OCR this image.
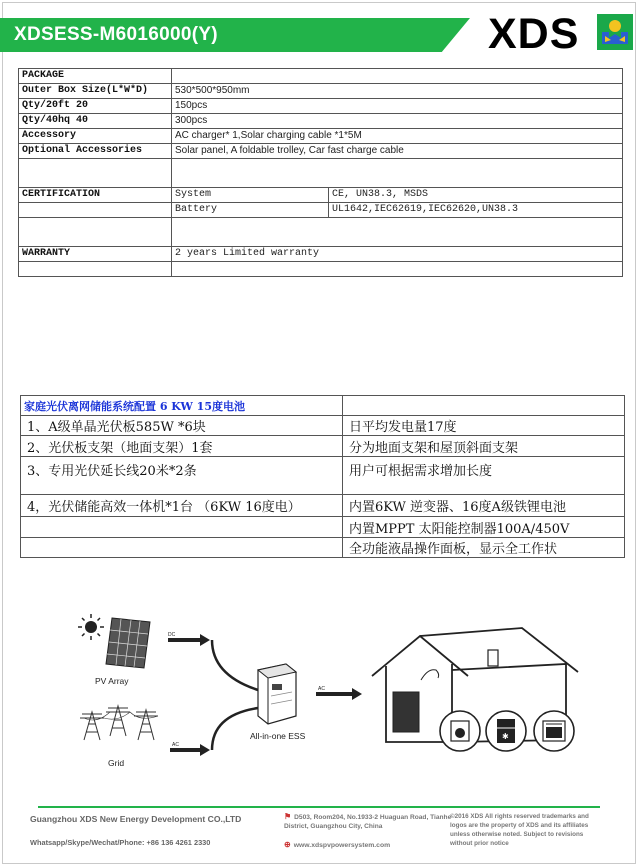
XDSESS-M6016000(Y)	XDS
PACKAGE		
Outer Box Size(L*W*D)	530*500*950mm	
Qty/20ft 20	150pcs	
Qty/40hq 40	300pcs	
Accessory	AC charger* 1,Solar charging cable *1*5M	
Optional Accessories	Solar panel, A foldable trolley, Car fast charge cable	

CERTIFICATION	System	CE, UN38.3, MSDS
	Battery	UL1642,IEC62619,IEC62620,UN38.3

WARRANTY	2 years Limited warranty	

家庭光伏离网储能系统配置 6 KW 15度电池	
1、A级单晶光伏板585W *6块	日平均发电量17度
2、光伏板支架（地面支架）1套	分为地面支架和屋顶斜面支架
3、专用光伏延长线20米*2条	用户可根据需求增加长度
4，光伏储能高效一体机*1台 （6KW 16度电）	内置6KW 逆变器、16度A级铁锂电池
	内置MPPT 太阳能控制器100A/450V
	全功能液晶操作面板，显示全工作状
PV Array
DC
Grid
AC
All-in-one ESS
AC
✱
Guangzhou XDS New Energy Development CO.,LTD
Whatsapp/Skype/Wechat/Phone: +86 136 4261 2330
⚑ D503, Room204, No.1933-2 Huaguan Road, Tianhe District, Guangzhou City, China
⊕ www.xdspvpowersystem.com
©2016 XDS All rights reserved trademarks and logos are the property of XDS and its affiliates unless otherwise noted. Subject to revisions without prior notice
